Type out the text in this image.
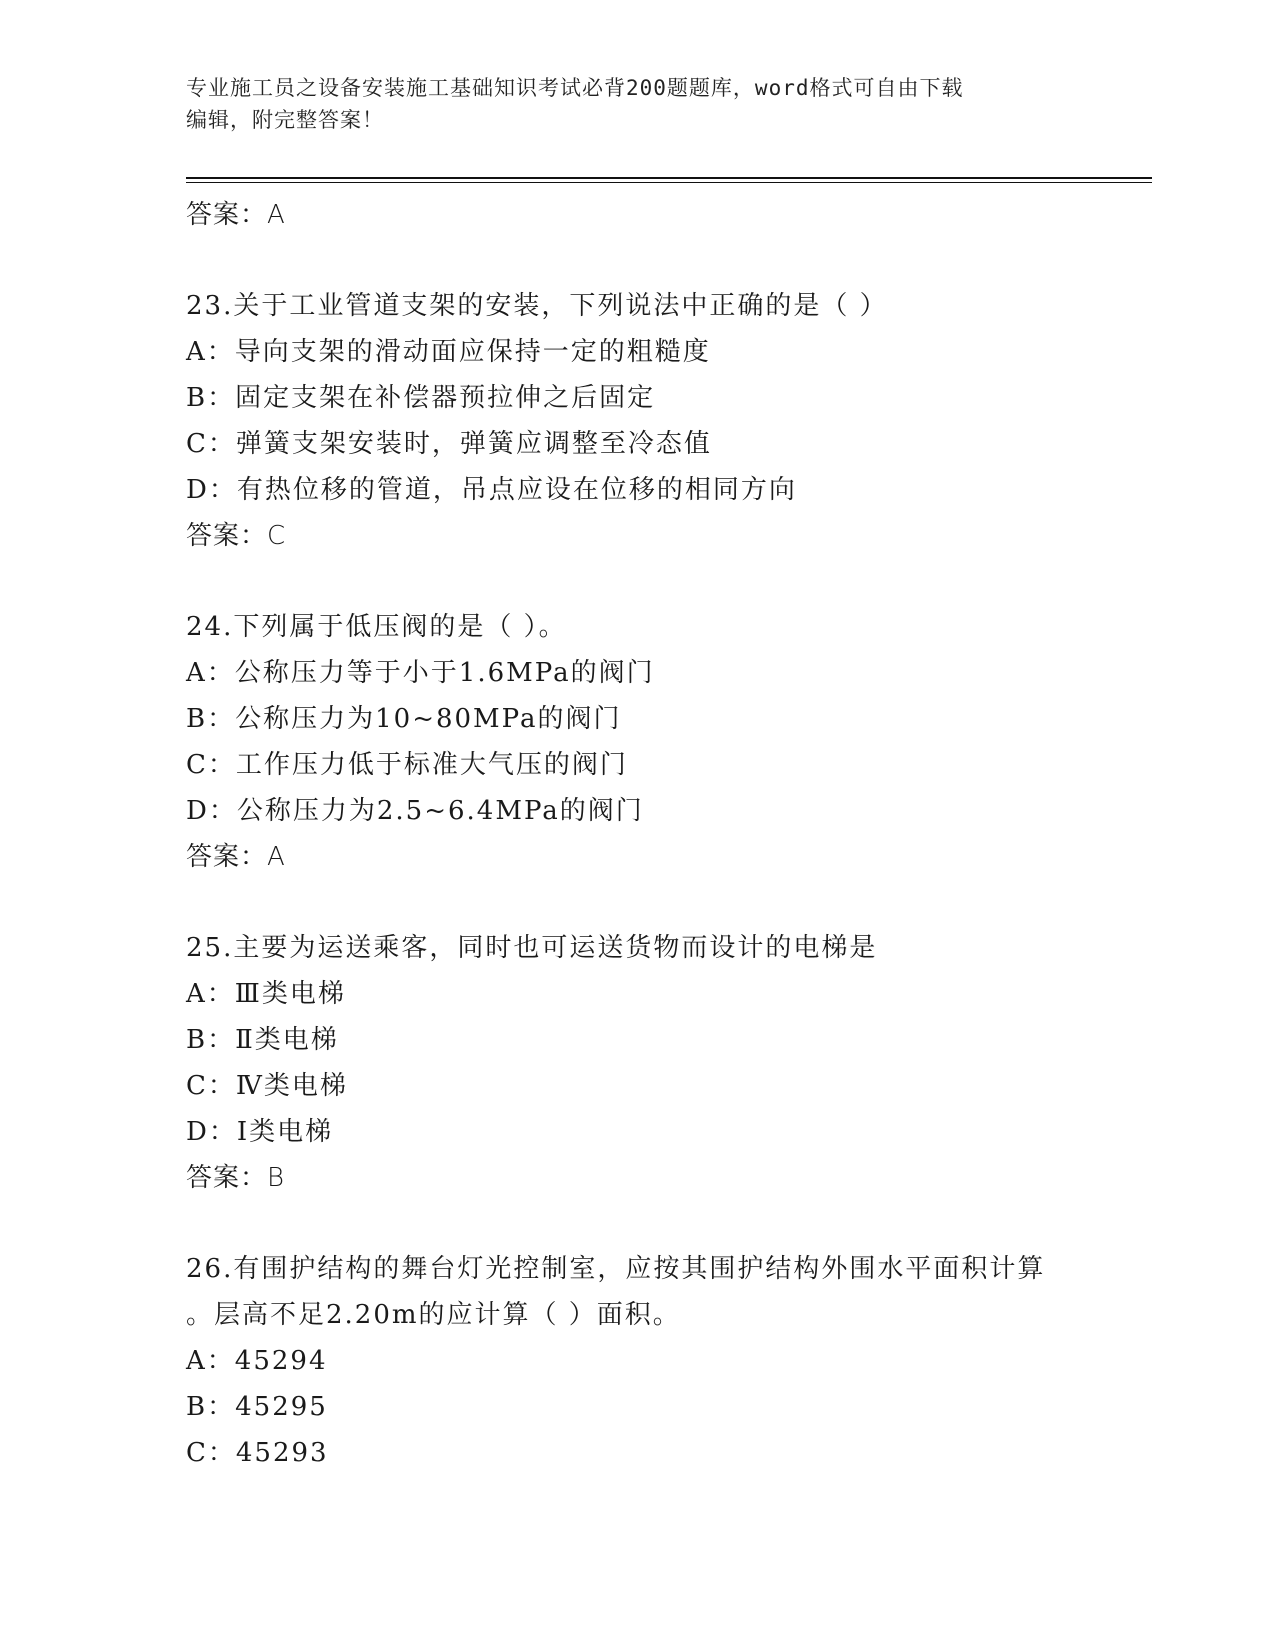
专业施工员之设备安装施工基础知识考试必背200题题库，word格式可自由下载
编辑，附完整答案！
答案：A
23.关于工业管道支架的安装，下列说法中正确的是（ ）
A：导向支架的滑动面应保持一定的粗糙度
B：固定支架在补偿器预拉伸之后固定
C：弹簧支架安装时，弹簧应调整至冷态值
D：有热位移的管道，吊点应设在位移的相同方向
答案：C
24.下列属于低压阀的是（ ）。
A：公称压力等于小于1.6MPa的阀门
B：公称压力为10~80MPa的阀门
C：工作压力低于标准大气压的阀门
D：公称压力为2.5~6.4MPa的阀门
答案：A
25.主要为运送乘客，同时也可运送货物而设计的电梯是
A：Ⅲ类电梯
B：Ⅱ类电梯
C：Ⅳ类电梯
D：Ⅰ类电梯
答案：B
26.有围护结构的舞台灯光控制室，应按其围护结构外围水平面积计算
。层高不足2.20m的应计算（ ）面积。
A：45294
B：45295
C：45293
